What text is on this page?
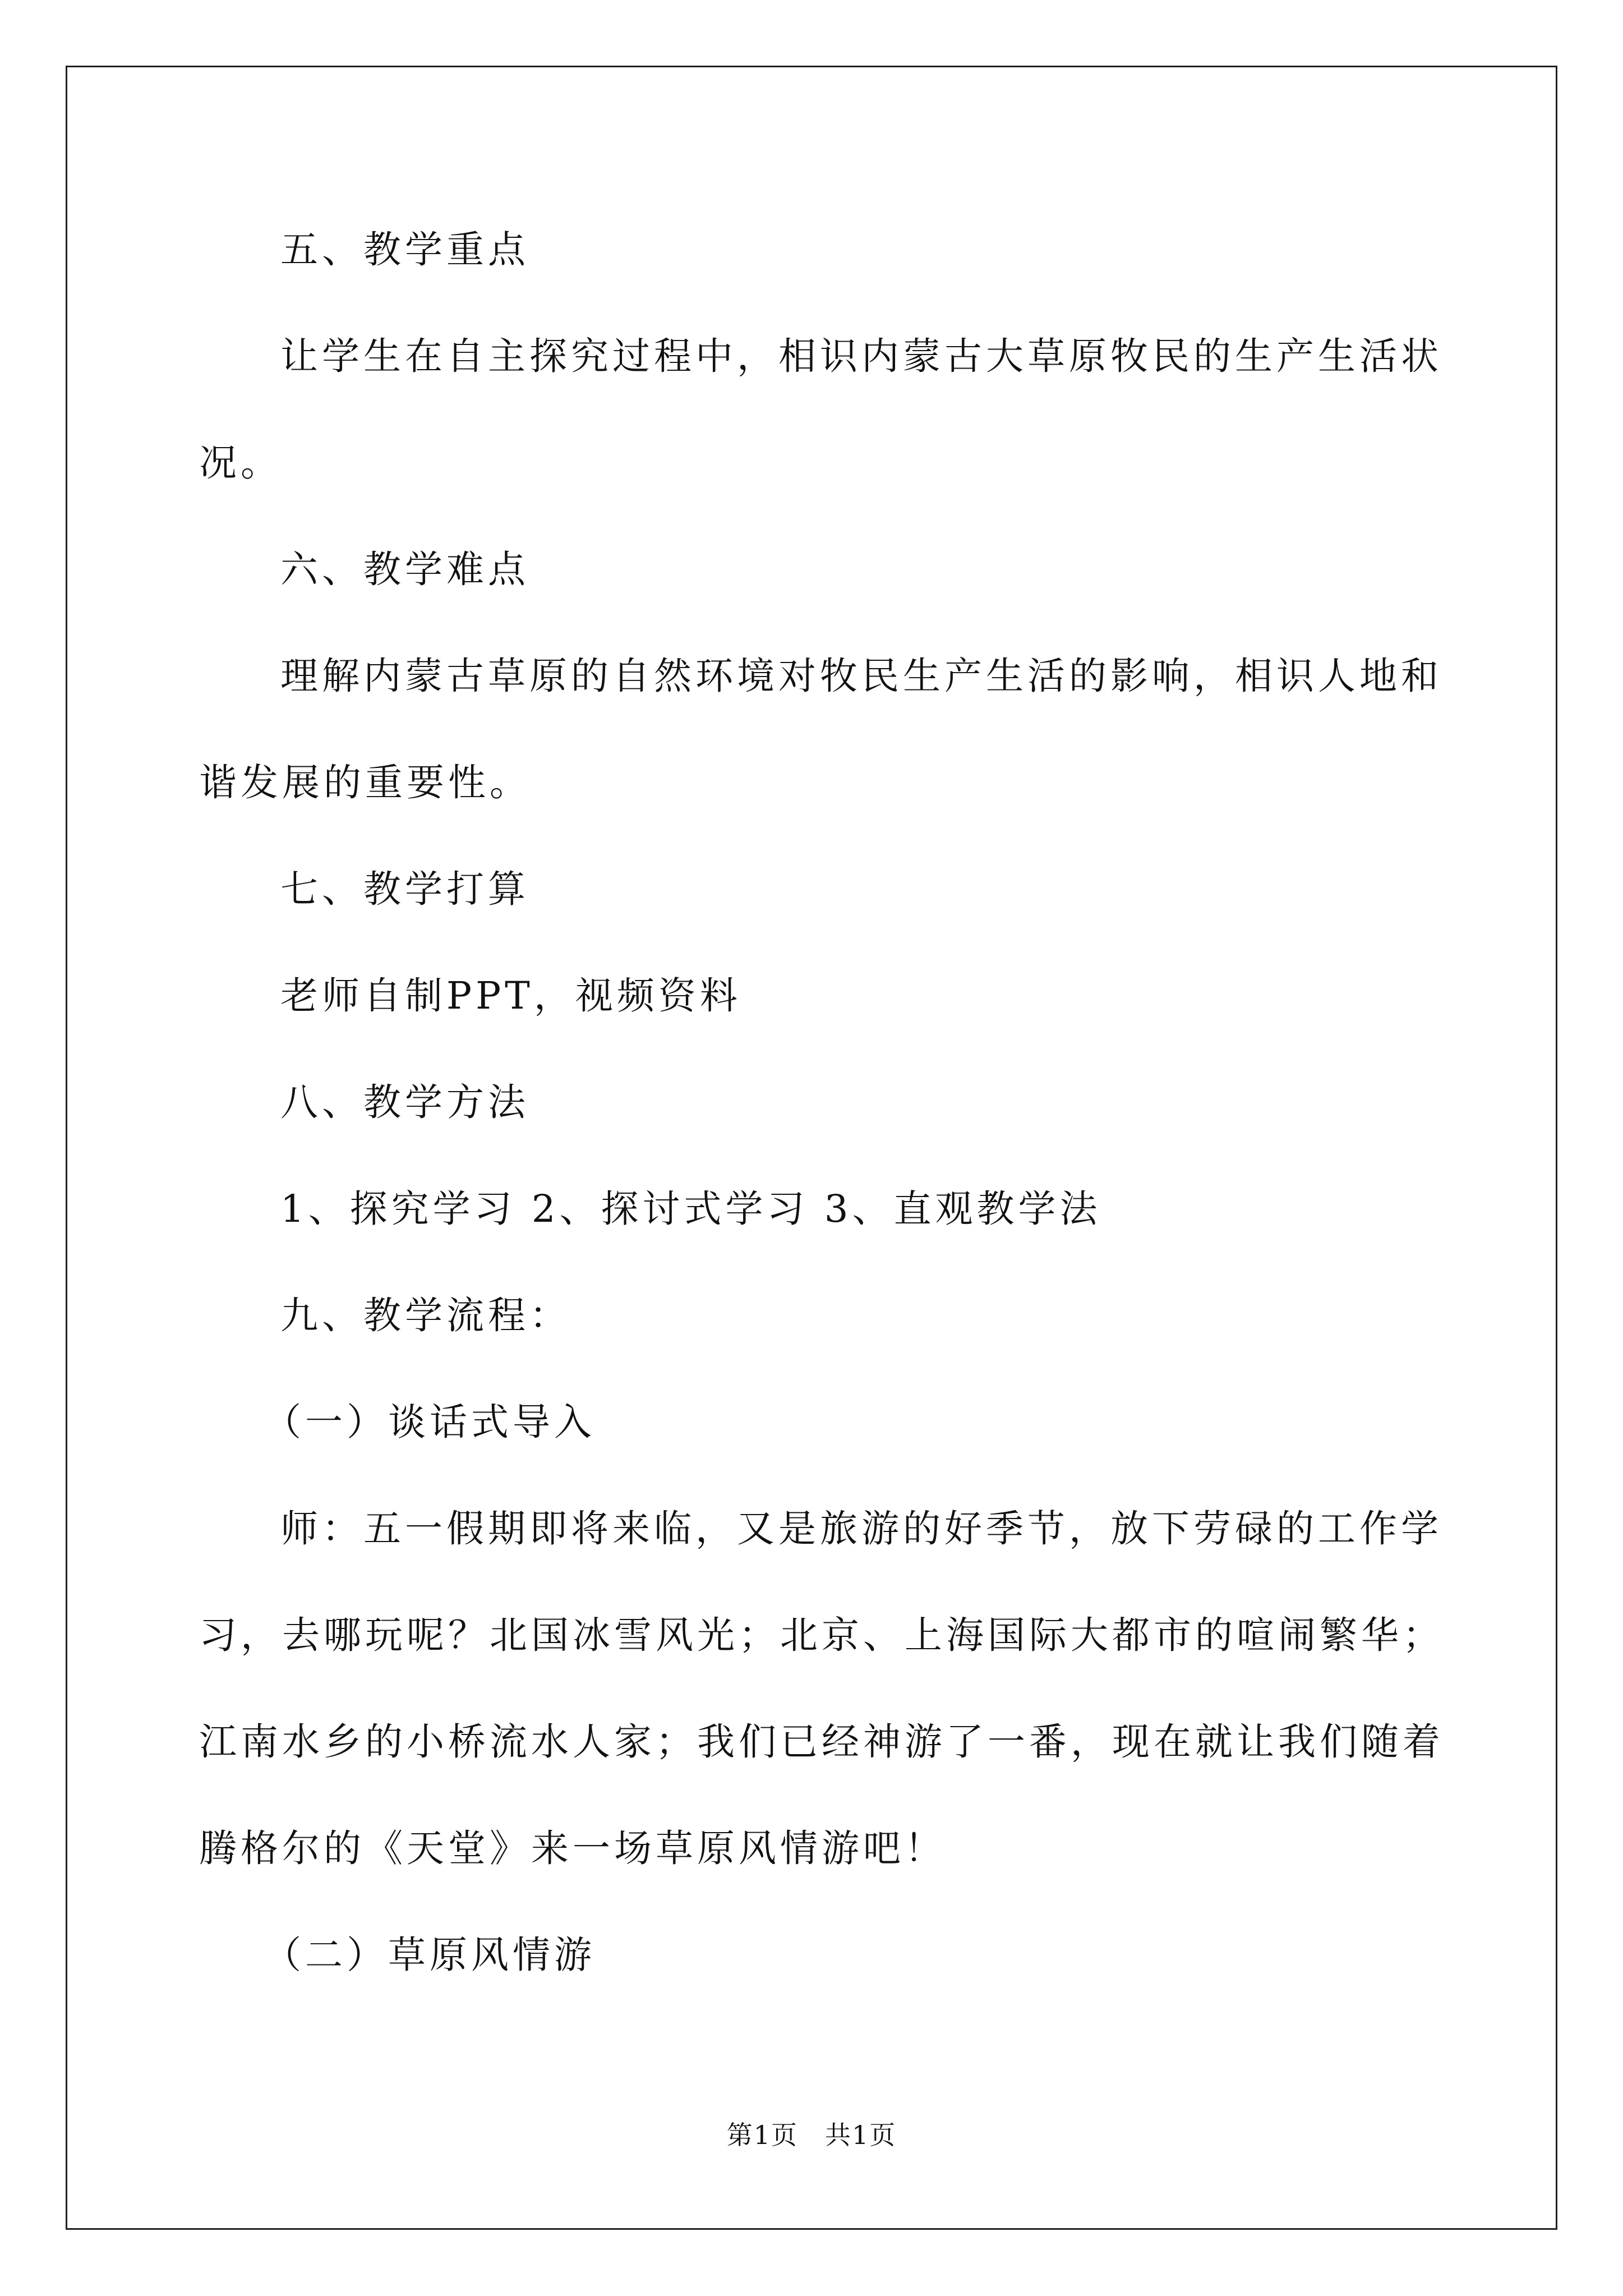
五、教学重点
让学生在自主探究过程中，相识内蒙古大草原牧民的生产生活状
况。
六、教学难点
理解内蒙古草原的自然环境对牧民生产生活的影响，相识人地和
谐发展的重要性。
七、教学打算
老师自制PPT，视频资料
八、教学方法
1、探究学习 2、探讨式学习 3、直观教学法
九、教学流程：
（一）谈话式导入
师：五一假期即将来临，又是旅游的好季节，放下劳碌的工作学
习，去哪玩呢？北国冰雪风光；北京、上海国际大都市的喧闹繁华；
江南水乡的小桥流水人家；我们已经神游了一番，现在就让我们随着
腾格尔的《天堂》来一场草原风情游吧！
（二）草原风情游
第1页 共1页
